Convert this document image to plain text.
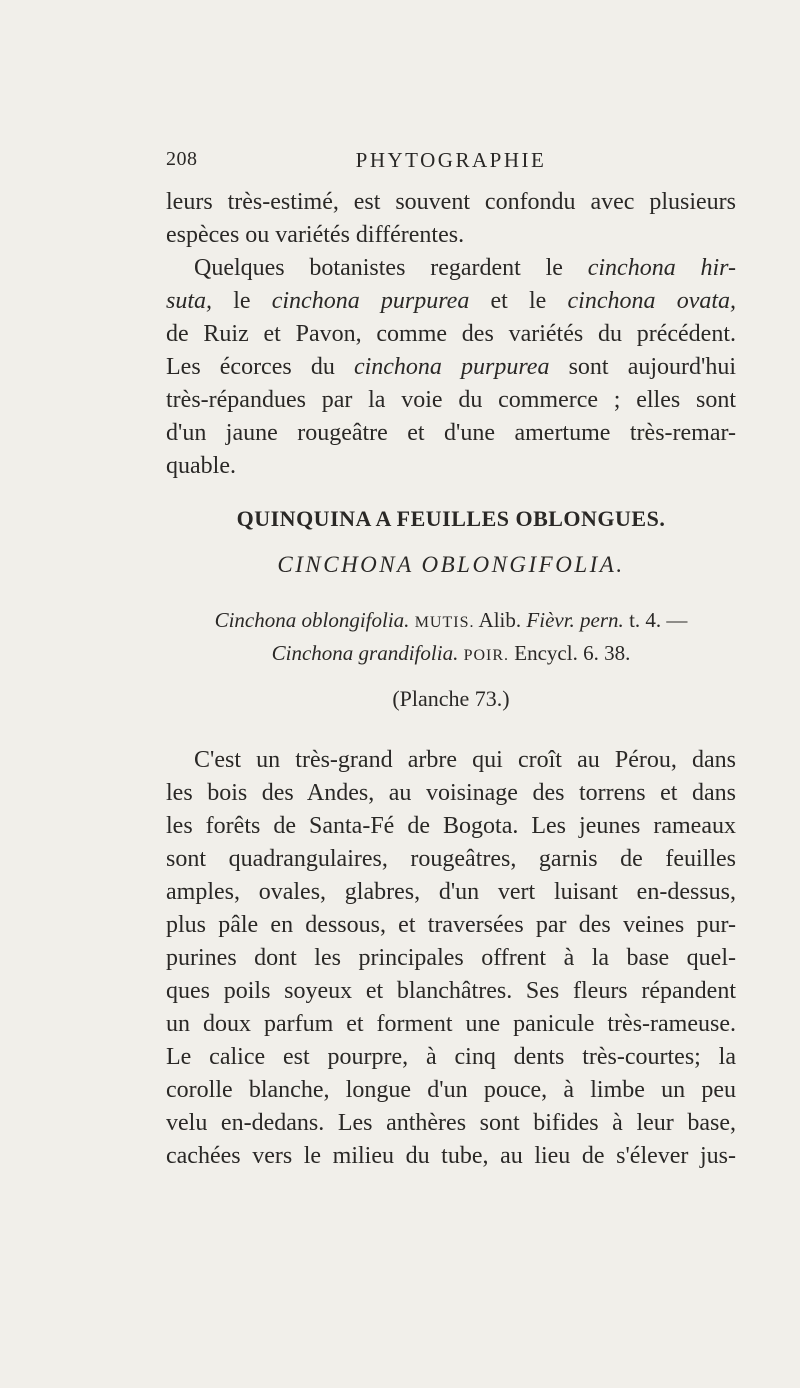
208	PHYTOGRAPHIE
leurs très-estimé, est souvent confondu avec plusieurs
espèces ou variétés différentes.
Quelques botanistes regardent le cinchona hir-
suta, le cinchona purpurea et le cinchona ovata,
de Ruiz et Pavon, comme des variétés du précédent.
Les écorces du cinchona purpurea sont aujourd'hui
très-répandues par la voie du commerce ; elles sont
d'un jaune rougeâtre et d'une amertume très-remar-
quable.
QUINQUINA A FEUILLES OBLONGUES.
CINCHONA OBLONGIFOLIA.
Cinchona oblongifolia. MUTIS. Alib. Fièvr. pern. t. 4. —
Cinchona grandifolia. POIR. Encycl. 6. 38.
(Planche 73.)
C'est un très-grand arbre qui croît au Pérou, dans
les bois des Andes, au voisinage des torrens et dans
les forêts de Santa-Fé de Bogota. Les jeunes rameaux
sont quadrangulaires, rougeâtres, garnis de feuilles
amples, ovales, glabres, d'un vert luisant en-dessus,
plus pâle en dessous, et traversées par des veines pur-
purines dont les principales offrent à la base quel-
ques poils soyeux et blanchâtres. Ses fleurs répandent
un doux parfum et forment une panicule très-rameuse.
Le calice est pourpre, à cinq dents très-courtes; la
corolle blanche, longue d'un pouce, à limbe un peu
velu en-dedans. Les anthères sont bifides à leur base,
cachées vers le milieu du tube, au lieu de s'élever jus-
